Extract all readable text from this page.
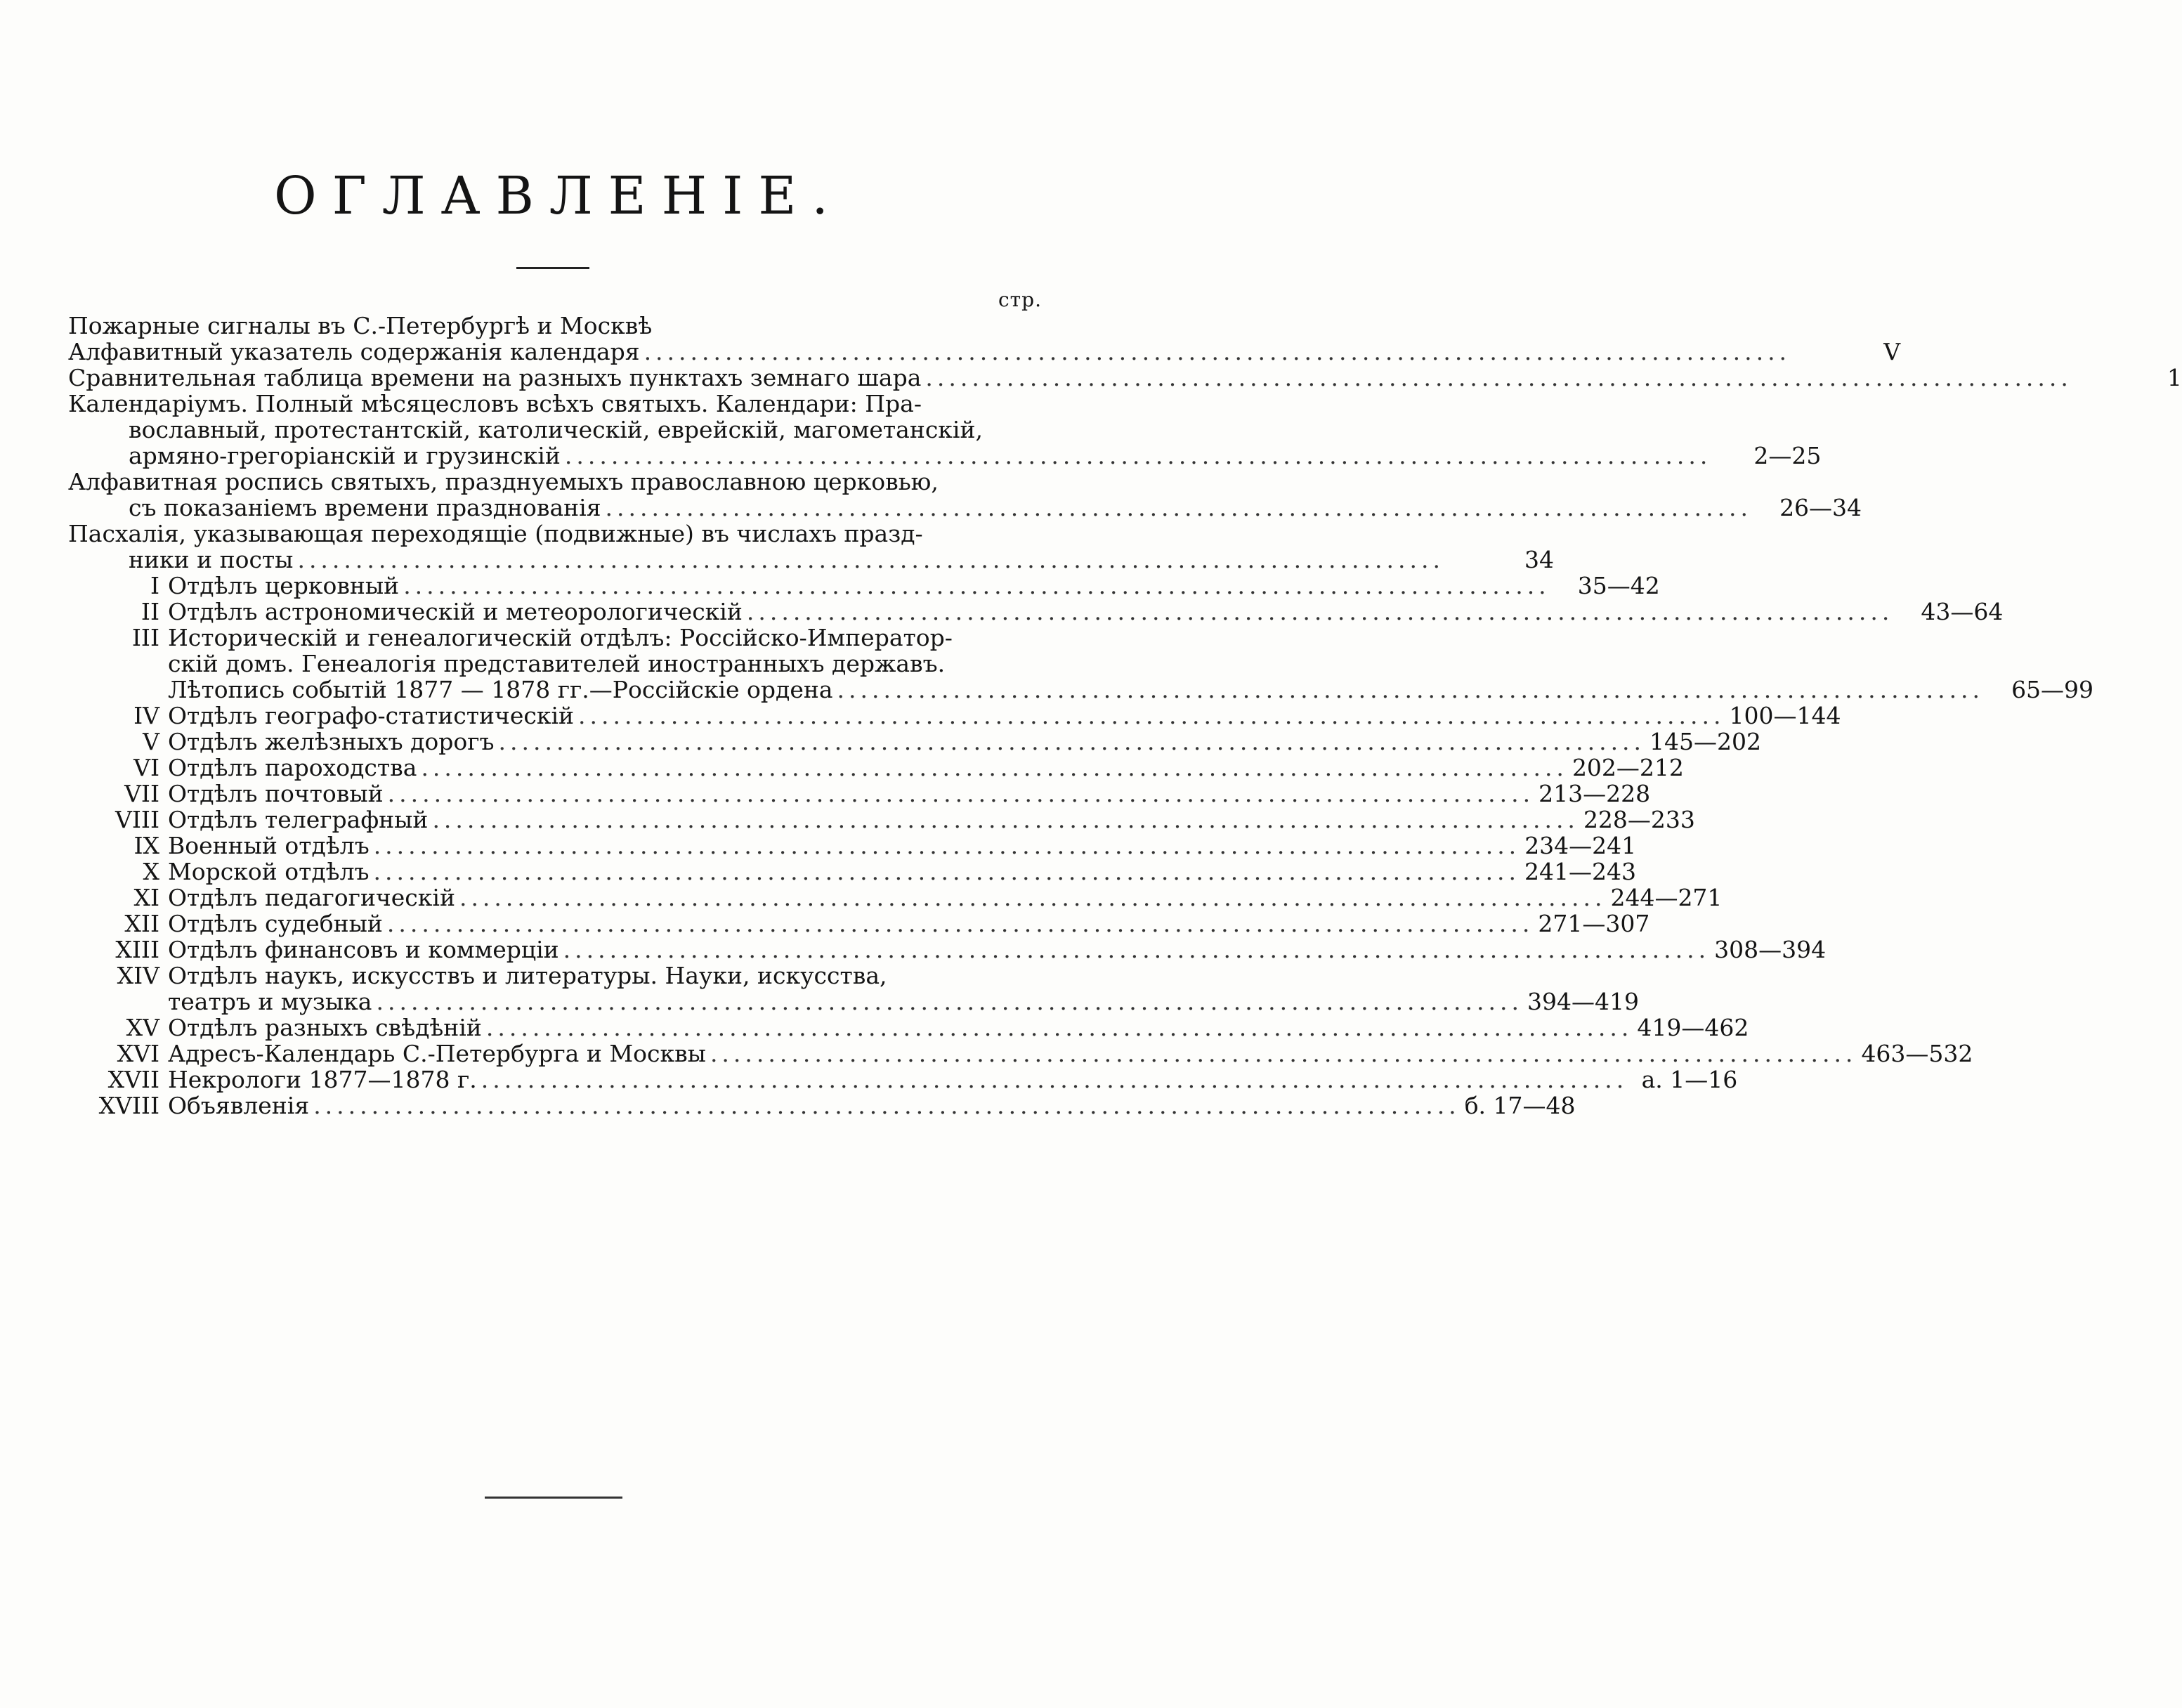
ОГЛАВЛЕНІЕ.
стр.
Пожарные сигналы въ С.-Петербургѣ и Москвѣ
Алфавитный указатель содержанія календаря ...................................................................................................	V
Сравнительная таблица времени на разныхъ пунктахъ земнаго шара ...................................................................................................	1
Календаріумъ. Полный мѣсяцесловъ всѣхъ святыхъ. Календари: Пра-
вославный, протестантскій, католическій, еврейскій, магометанскій,
армяно-грегоріанскій и грузинскій ...................................................................................................	2—25
Алфавитная роспись святыхъ, празднуемыхъ православною церковью,
съ показаніемъ времени празднованія ...................................................................................................	26—34
Пасхалія, указывающая переходящіе (подвижные) въ числахъ празд-
ники и посты ...................................................................................................	34
I Отдѣлъ церковный ...................................................................................................	35—42
II Отдѣлъ астрономическій и метеорологическій ...................................................................................................	43—64
III Историческій и генеалогическій отдѣлъ: Россійско-Император-
скій домъ. Генеалогія представителей иностранныхъ державъ.
Лѣтопись событій 1877 — 1878 гг.—Россійскіе ордена ...................................................................................................	65—99
IV Отдѣлъ географо-статистическій ................................................................................................... 100—144
V Отдѣлъ желѣзныхъ дорогъ ................................................................................................... 145—202
VI Отдѣлъ пароходства ................................................................................................... 202—212
VII Отдѣлъ почтовый ................................................................................................... 213—228
VIII Отдѣлъ телеграфный ................................................................................................... 228—233
IX Военный отдѣлъ ................................................................................................... 234—241
X Морской отдѣлъ ................................................................................................... 241—243
XI Отдѣлъ педагогическій ................................................................................................... 244—271
XII Отдѣлъ судебный ................................................................................................... 271—307
XIII Отдѣлъ финансовъ и коммерціи ................................................................................................... 308—394
XIV Отдѣлъ наукъ, искусствъ и литературы. Науки, искусства,
театръ и музыка ................................................................................................... 394—419
XV Отдѣлъ разныхъ свѣдѣній ................................................................................................... 419—462
XVI Адресъ-Календарь С.-Петербурга и Москвы ................................................................................................... 463—532
XVII Некрологи 1877—1878 г. ................................................................................................... а. 1—16
XVIII Объявленія ................................................................................................... б. 17—48
